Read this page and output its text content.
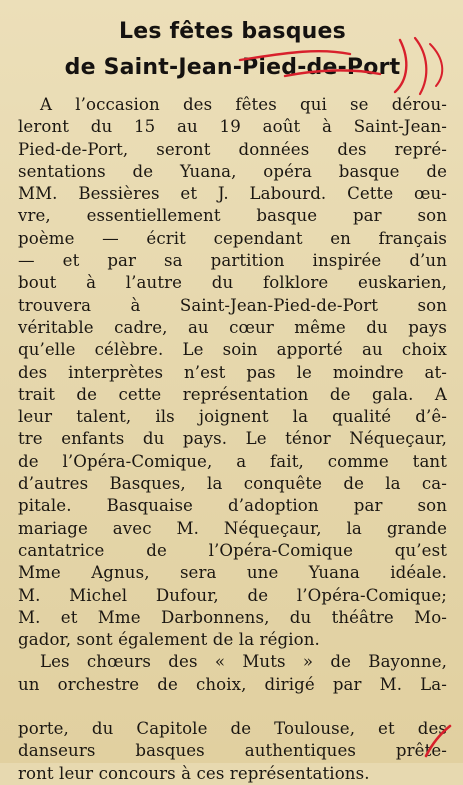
Les fêtes basques
de Saint-Jean-Pied-de-Port
A l’occasion des fêtes qui se dérou-
leront du 15 au 19 août à Saint-Jean-
Pied-de-Port, seront données des repré-
sentations de Yuana, opéra basque de
MM. Bessières et J. Labourd. Cette œu-
vre, essentiellement basque par son
poème — écrit cependant en français
— et par sa partition inspirée d’un
bout à l’autre du folklore euskarien,
trouvera à Saint-Jean-Pied-de-Port son
véritable cadre, au cœur même du pays
qu’elle célèbre. Le soin apporté au choix
des interprètes n’est pas le moindre at-
trait de cette représentation de gala. A
leur talent, ils joignent la qualité d’ê-
tre enfants du pays. Le ténor Néqueçaur,
de l’Opéra-Comique, a fait, comme tant
d’autres Basques, la conquête de la ca-
pitale. Basquaise d’adoption par son
mariage avec M. Néqueçaur, la grande
cantatrice de l’Opéra-Comique qu’est
Mme Agnus, sera une Yuana idéale.
M. Michel Dufour, de l’Opéra-Comique;
M. et Mme Darbonnens, du théâtre Mo-
gador, sont également de la région.
Les chœurs des « Muts » de Bayonne,
un orchestre de choix, dirigé par M. La-
porte, du Capitole de Toulouse, et des
danseurs basques authentiques prête-
ront leur concours à ces représentations.
